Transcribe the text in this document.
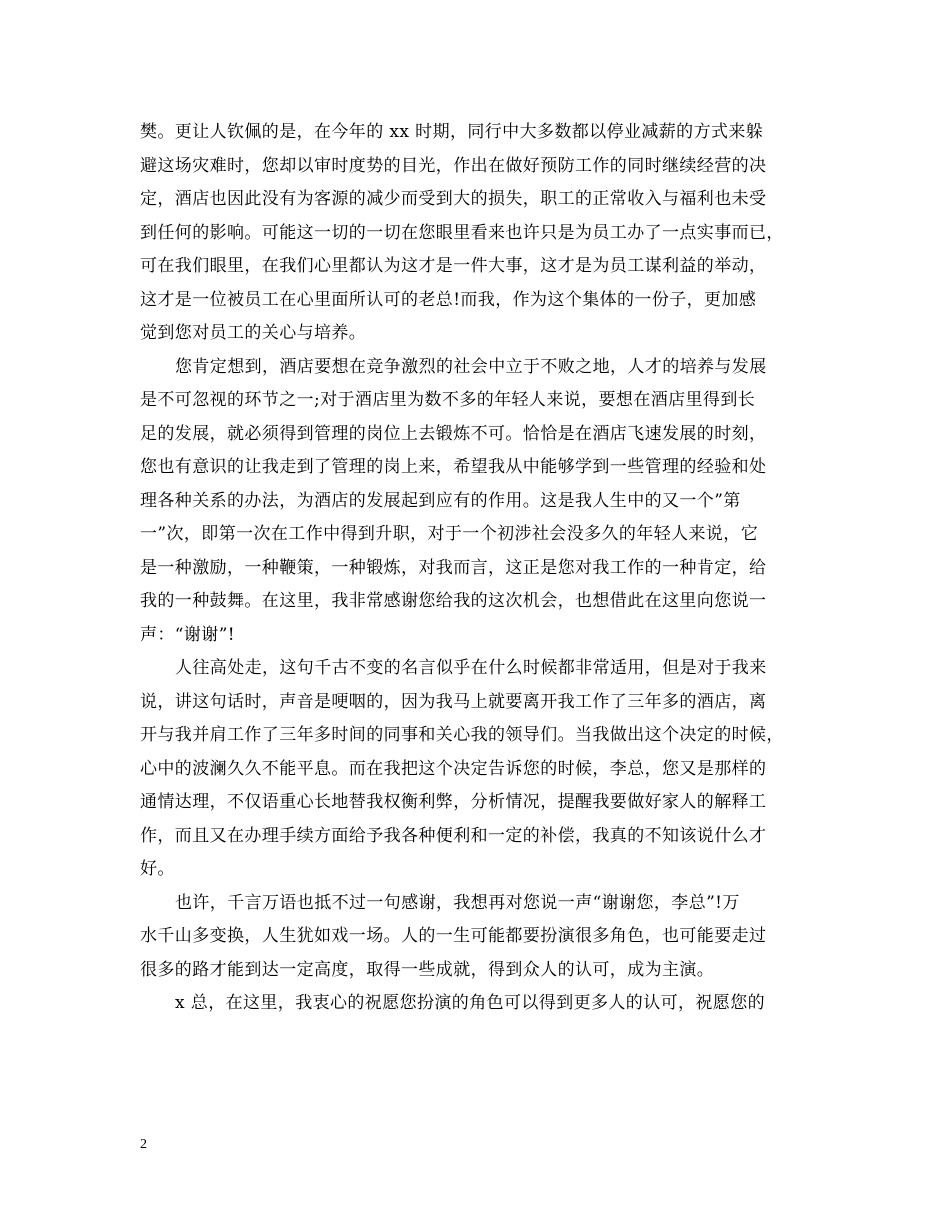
樊。更让人钦佩的是，在今年的 xx 时期，同行中大多数都以停业减薪的方式来躲
避这场灾难时，您却以审时度势的目光，作出在做好预防工作的同时继续经营的决
定，酒店也因此没有为客源的减少而受到大的损失，职工的正常收入与福利也未受
到任何的影响。可能这一切的一切在您眼里看来也许只是为员工办了一点实事而已，
可在我们眼里，在我们心里都认为这才是一件大事，这才是为员工谋利益的举动，
这才是一位被员工在心里面所认可的老总!而我，作为这个集体的一份子，更加感
觉到您对员工的关心与培养。
您肯定想到，酒店要想在竞争激烈的社会中立于不败之地，人才的培养与发展
是不可忽视的环节之一;对于酒店里为数不多的年轻人来说，要想在酒店里得到长
足的发展，就必须得到管理的岗位上去锻炼不可。恰恰是在酒店飞速发展的时刻，
您也有意识的让我走到了管理的岗上来，希望我从中能够学到一些管理的经验和处
理各种关系的办法，为酒店的发展起到应有的作用。这是我人生中的又一个”第
一”次，即第一次在工作中得到升职，对于一个初涉社会没多久的年轻人来说，它
是一种激励，一种鞭策，一种锻炼，对我而言，这正是您对我工作的一种肯定，给
我的一种鼓舞。在这里，我非常感谢您给我的这次机会，也想借此在这里向您说一
声：“谢谢”!
人往高处走，这句千古不变的名言似乎在什么时候都非常适用，但是对于我来
说，讲这句话时，声音是哽咽的，因为我马上就要离开我工作了三年多的酒店，离
开与我并肩工作了三年多时间的同事和关心我的领导们。当我做出这个决定的时候，
心中的波澜久久不能平息。而在我把这个决定告诉您的时候，李总，您又是那样的
通情达理，不仅语重心长地替我权衡利弊，分析情况，提醒我要做好家人的解释工
作，而且又在办理手续方面给予我各种便利和一定的补偿，我真的不知该说什么才
好。
也许，千言万语也抵不过一句感谢，我想再对您说一声“谢谢您，李总”!万
水千山多变换，人生犹如戏一场。人的一生可能都要扮演很多角色，也可能要走过
很多的路才能到达一定高度，取得一些成就，得到众人的认可，成为主演。
x 总，在这里，我衷心的祝愿您扮演的角色可以得到更多人的认可，祝愿您的
2
